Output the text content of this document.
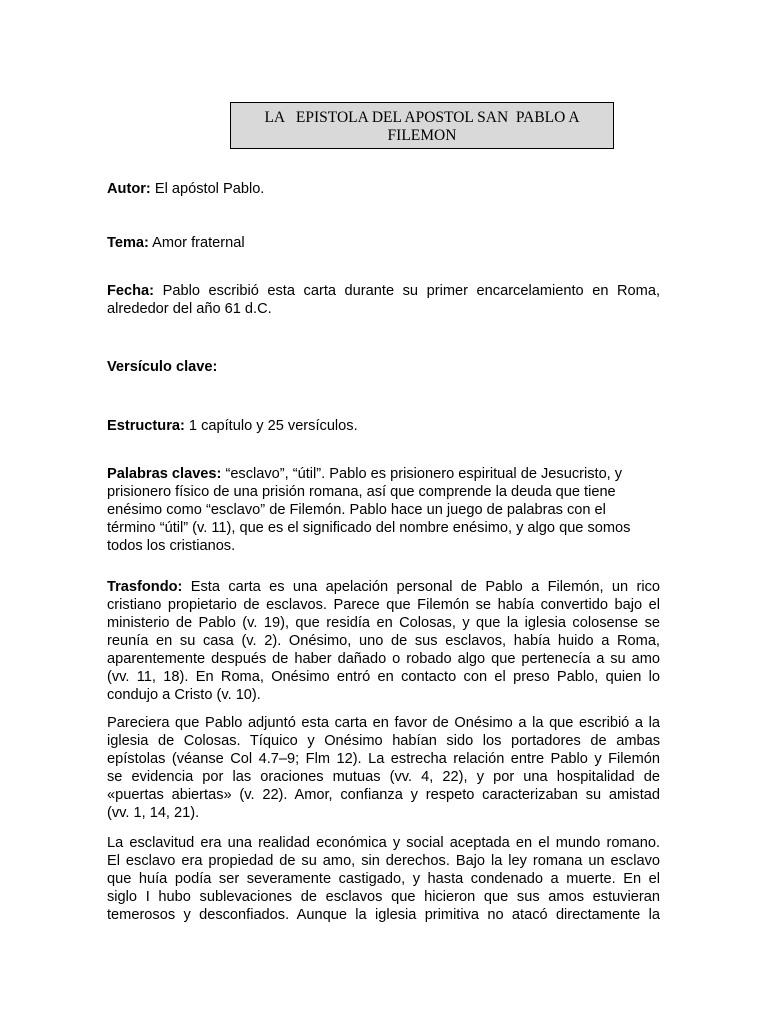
LA   EPISTOLA DEL APOSTOL SAN  PABLO A
FILEMON
Autor: El apóstol Pablo.
Tema: Amor fraternal
Fecha: Pablo escribió esta carta durante su primer encarcelamiento en Roma,
alrededor del año 61 d.C.
Versículo clave:
Estructura: 1 capítulo y 25 versículos.
Palabras claves: “esclavo”, “útil”. Pablo es prisionero espiritual de Jesucristo, y
prisionero físico de una prisión romana, así que comprende la deuda que tiene
enésimo como “esclavo” de Filemón. Pablo hace un juego de palabras con el
término “útil” (v. 11), que es el significado del nombre enésimo, y algo que somos
todos los cristianos.
Trasfondo: Esta carta es una apelación personal de Pablo a Filemón, un rico
cristiano propietario de esclavos. Parece que Filemón se había convertido bajo el
ministerio de Pablo (v. 19), que residía en Colosas, y que la iglesia colosense se
reunía en su casa (v. 2). Onésimo, uno de sus esclavos, había huido a Roma,
aparentemente después de haber dañado o robado algo que pertenecía a su amo
(vv. 11, 18). En Roma, Onésimo entró en contacto con el preso Pablo, quien lo
condujo a Cristo (v. 10).
Pareciera que Pablo adjuntó esta carta en favor de Onésimo a la que escribió a la
iglesia de Colosas. Tíquico y Onésimo habían sido los portadores de ambas
epístolas (véanse Col 4.7–9; Flm 12). La estrecha relación entre Pablo y Filemón
se evidencia por las oraciones mutuas (vv. 4, 22), y por una hospitalidad de
«puertas abiertas» (v. 22). Amor, confianza y respeto caracterizaban su amistad
(vv. 1, 14, 21).
La esclavitud era una realidad económica y social aceptada en el mundo romano.
El esclavo era propiedad de su amo, sin derechos. Bajo la ley romana un esclavo
que huía podía ser severamente castigado, y hasta condenado a muerte. En el
siglo I hubo sublevaciones de esclavos que hicieron que sus amos estuvieran
temerosos y desconfiados. Aunque la iglesia primitiva no atacó directamente la
